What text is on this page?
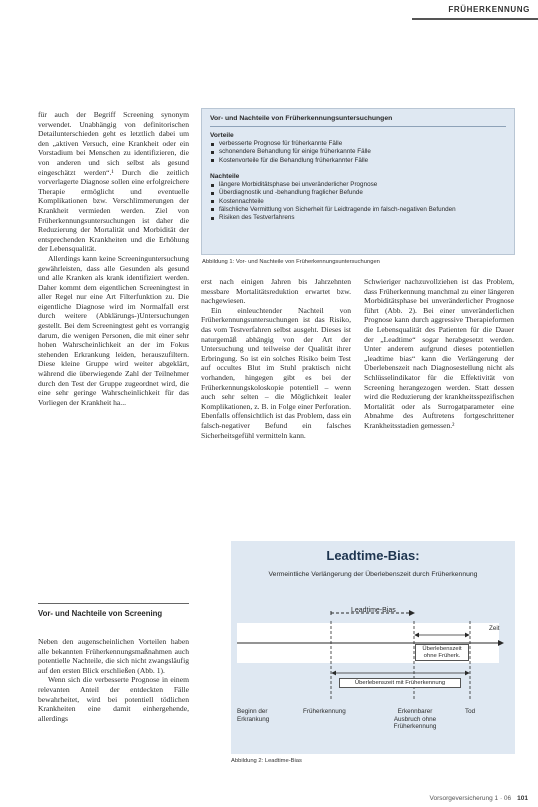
FRÜHERKENNUNG

für auch der Begriff Screening synonym verwendet. Unabhängig von definitorischen Detailunterschieden geht es letztlich dabei um den „aktiven Versuch, eine Krankheit oder ein Vorstadium bei Menschen zu identifizieren, die von anderen und sich selbst als gesund eingeschätzt werden“.¹ Durch die zeitlich vorverlagerte Diagnose sollen eine erfolgreichere Therapie ermöglicht und eventuelle Komplikationen bzw. Verschlimmerungen der Krankheit vermieden werden. Ziel von Früherkennungsuntersuchungen ist daher die Reduzierung der Mortalität und Morbidität der entsprechenden Krankheiten und die Erhöhung der Lebensqualität.

Allerdings kann keine Screeninguntersuchung gewährleisten, dass alle Gesunden als gesund und alle Kranken als krank identifiziert werden. Daher kommt dem eigentlichen Screeningtest in aller Regel nur eine Art Filterfunktion zu. Die eigentliche Diagnose wird im Normalfall erst durch weitere (Abklärungs-)Untersuchungen gestellt. Bei dem Screeningtest geht es vorrangig darum, die wenigen Personen, die mit einer sehr hohen Wahrscheinlichkeit an der im Fokus stehenden Erkrankung leiden, herauszufiltern. Diese kleine Gruppe wird weiter abgeklärt, während die überwiegende Zahl der Teilnehmer durch den Test der Gruppe zugeordnet wird, die eine sehr geringe Wahrscheinlichkeit für das Vorliegen der Krankheit ha...

Vor- und Nachteile von Screening

Neben den augenscheinlichen Vorteilen haben alle bekannten Früherkennungsmaßnahmen auch potentielle Nachteile, die sich nicht zwangsläufig auf den ersten Blick erschließen (Abb. 1).

Wenn sich die verbesserte Prognose in einem relevanten Anteil der entdeckten Fälle bewahrheitet, wird bei potentiell tödlichen Krankheiten eine damit einhergehende, allerdings

Vor- und Nachteile von Früherkennungsuntersuchungen
Vorteile
verbesserte Prognose für früherkannte Fälle
schonendere Behandlung für einige früherkannte Fälle
Kostenvorteile für die Behandlung früherkannter Fälle
Nachteile
längere Morbiditätsphase bei unveränderlicher Prognose
Überdiagnostik und -behandlung fraglicher Befunde
Kostennachteile
fälschliche Vermittlung von Sicherheit für Leidtragende im falsch-negativen Befunden
Risiken des Testverfahrens
Abbildung 1: Vor- und Nachteile von Früherkennungsuntersuchungen

erst nach einigen Jahren bis Jahrzehnten messbare Mortalitätsreduktion erwartet bzw. nachgewiesen.

Ein einleuchtender Nachteil von Früherkennungsuntersuchungen ist das Risiko, das vom Testverfahren selbst ausgeht. Dieses ist naturgemäß abhängig von der Art der Untersuchung und teilweise der Qualität ihrer Erbringung. So ist ein solches Risiko beim Test auf occultes Blut im Stuhl praktisch nicht vorhanden, hingegen gibt es bei der Früherkennungskoloskopie potentiell – wenn auch sehr selten – die Möglichkeit lealer Komplikationen, z. B. in Folge einer Perforation. Ebenfalls offensichtlich ist das Problem, dass ein falsch-negativer Befund ein falsches Sicherheitsgefühl vermitteln kann.

Schwieriger nachzuvollziehen ist das Problem, dass Früherkennung manchmal zu einer längeren Morbiditätsphase bei unveränderlicher Prognose führt (Abb. 2). Bei einer unveränderlichen Prognose kann durch aggressive Therapieformen die Lebensqualität des Patienten für die Dauer der „Leadtime“ sogar herabgesetzt werden. Unter anderem aufgrund dieses potentiellen „leadtime bias“ kann die Verlängerung der Überlebenszeit nach Diagnosestellung nicht als Schlüsselindikator für die Effektivität von Screening herangezogen werden. Statt dessen wird die Reduzierung der krankheitsspezifischen Mortalität oder als Surrogatparameter eine Abnahme des Auftretens fortgeschrittener Krankheitsstadien gemessen.²

Leadtime-Bias:
Vermeintliche Verlängerung der Überlebenszeit durch Früherkennung
Leadtime-Bias
Zeit
Überlebenszeit ohne Früherk.
Überlebenszeit mit Früherkennung
Beginn der Erkrankung
Früherkennung	Erkennbarer Ausbruch ohne Früherkennung
Tod
Abbildung 2: Leadtime-Bias
Vorsorgeversicherung 1 · 06 101
